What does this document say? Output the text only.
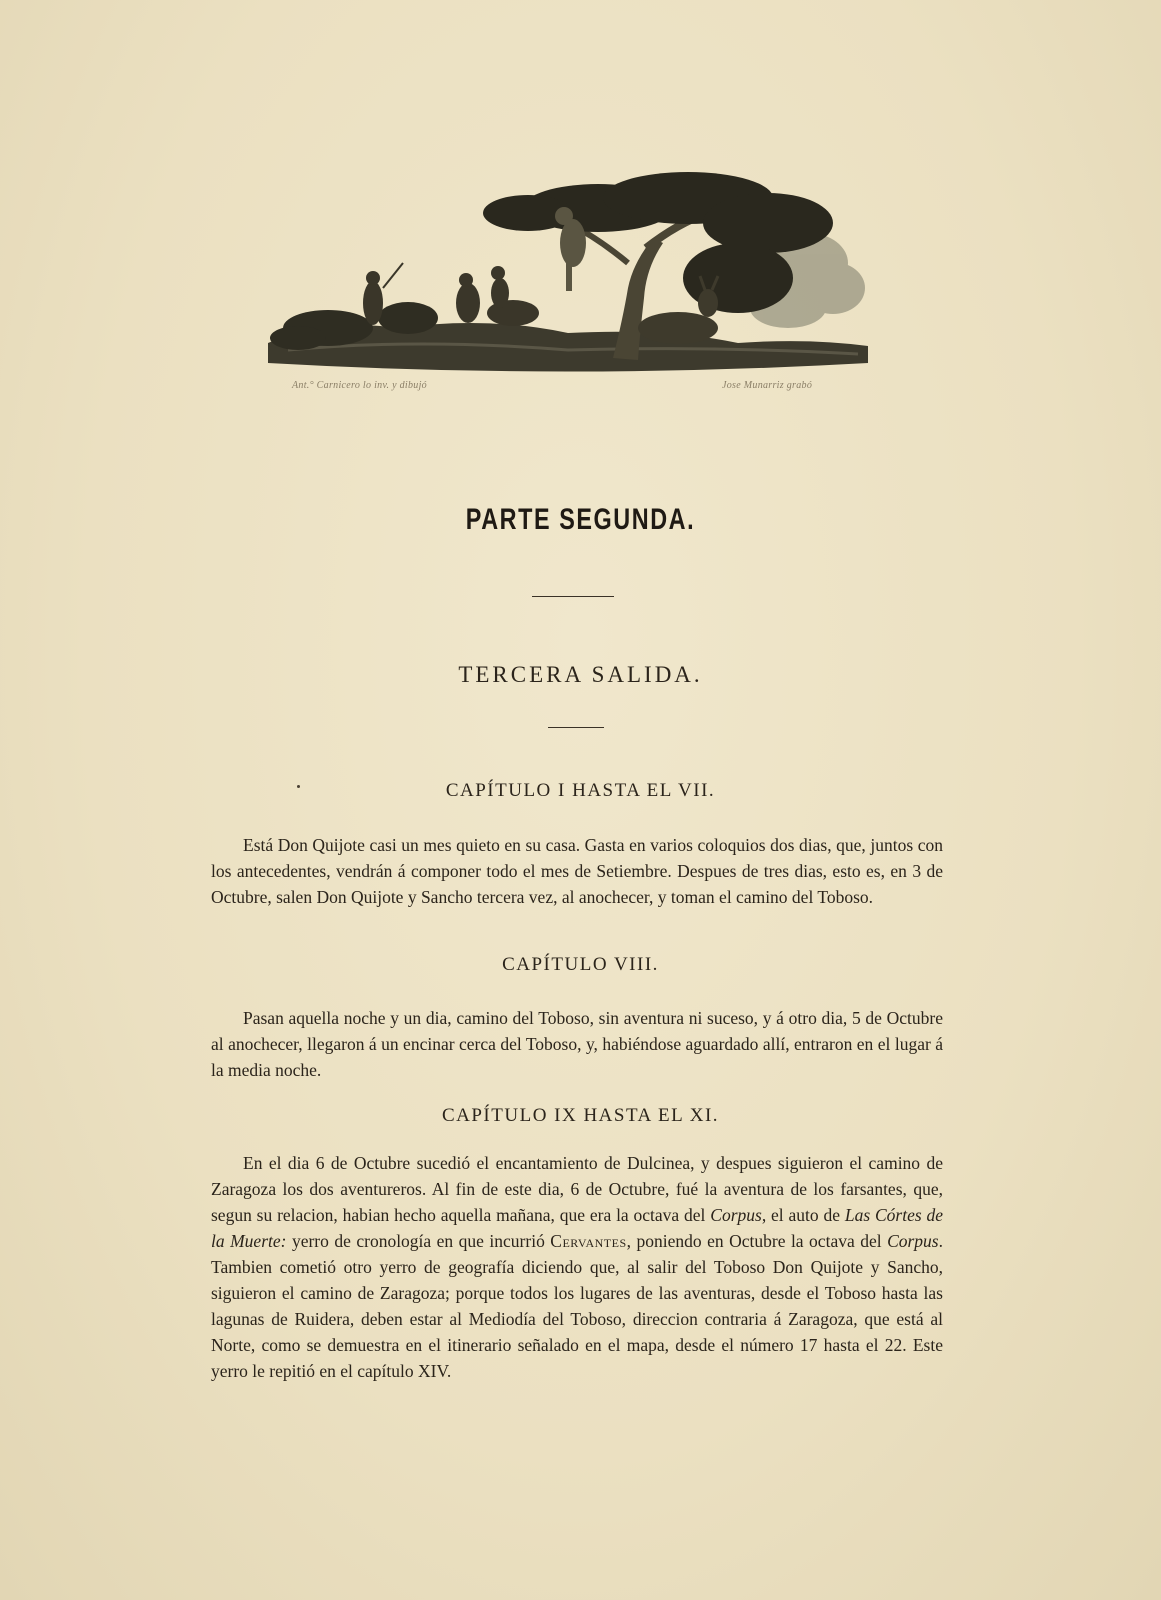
Ant.° Carnicero lo inv. y dibujó	Jose Munarriz grabó
PARTE SEGUNDA.
TERCERA SALIDA.
CAPÍTULO I HASTA EL VII.
Está Don Quijote casi un mes quieto en su casa. Gasta en varios coloquios dos dias, que, juntos con los antecedentes, vendrán á componer todo el mes de Setiembre. Despues de tres dias, esto es, en 3 de Octubre, salen Don Quijote y Sancho tercera vez, al anochecer, y toman el camino del Toboso.
CAPÍTULO VIII.
Pasan aquella noche y un dia, camino del Toboso, sin aventura ni suceso, y á otro dia, 5 de Octubre al anochecer, llegaron á un encinar cerca del Toboso, y, habiéndose aguardado allí, entraron en el lugar á la media noche.
CAPÍTULO IX HASTA EL XI.
En el dia 6 de Octubre sucedió el encantamiento de Dulcinea, y despues siguieron el camino de Zaragoza los dos aventureros. Al fin de este dia, 6 de Octubre, fué la aventura de los farsantes, que, segun su relacion, habian hecho aquella mañana, que era la octava del Corpus, el auto de Las Córtes de la Muerte: yerro de cronología en que incurrió Cervantes, poniendo en Octubre la octava del Corpus. Tambien cometió otro yerro de geografía diciendo que, al salir del Toboso Don Quijote y Sancho, siguieron el camino de Zaragoza; porque todos los lugares de las aventuras, desde el Toboso hasta las lagunas de Ruidera, deben estar al Mediodía del Toboso, direccion contraria á Zaragoza, que está al Norte, como se demuestra en el itinerario señalado en el mapa, desde el número 17 hasta el 22. Este yerro le repitió en el capítulo XIV.
